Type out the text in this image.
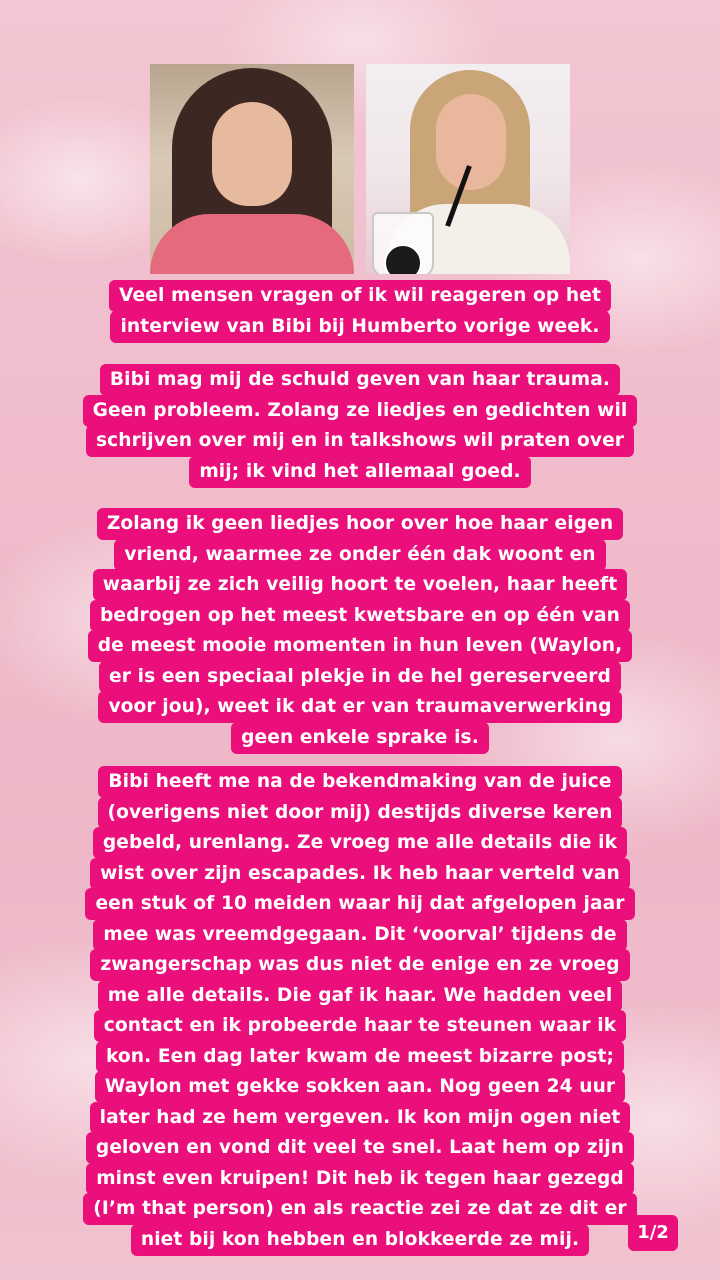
Veel mensen vragen of ik wil reageren op het
interview van Bibi bij Humberto vorige week.
Bibi mag mij de schuld geven van haar trauma.
Geen probleem. Zolang ze liedjes en gedichten wil
schrijven over mij en in talkshows wil praten over
mij; ik vind het allemaal goed.
Zolang ik geen liedjes hoor over hoe haar eigen
vriend, waarmee ze onder één dak woont en
waarbij ze zich veilig hoort te voelen, haar heeft
bedrogen op het meest kwetsbare en op één van
de meest mooie momenten in hun leven (Waylon,
er is een speciaal plekje in de hel gereserveerd
voor jou), weet ik dat er van traumaverwerking
geen enkele sprake is.
Bibi heeft me na de bekendmaking van de juice
(overigens niet door mij) destijds diverse keren
gebeld, urenlang. Ze vroeg me alle details die ik
wist over zijn escapades. Ik heb haar verteld van
een stuk of 10 meiden waar hij dat afgelopen jaar
mee was vreemdgegaan. Dit ‘voorval’ tijdens de
zwangerschap was dus niet de enige en ze vroeg
me alle details. Die gaf ik haar. We hadden veel
contact en ik probeerde haar te steunen waar ik
kon. Een dag later kwam de meest bizarre post;
Waylon met gekke sokken aan. Nog geen 24 uur
later had ze hem vergeven. Ik kon mijn ogen niet
geloven en vond dit veel te snel. Laat hem op zijn
minst even kruipen! Dit heb ik tegen haar gezegd
(I’m that person) en als reactie zei ze dat ze dit er
niet bij kon hebben en blokkeerde ze mij.	1/2
